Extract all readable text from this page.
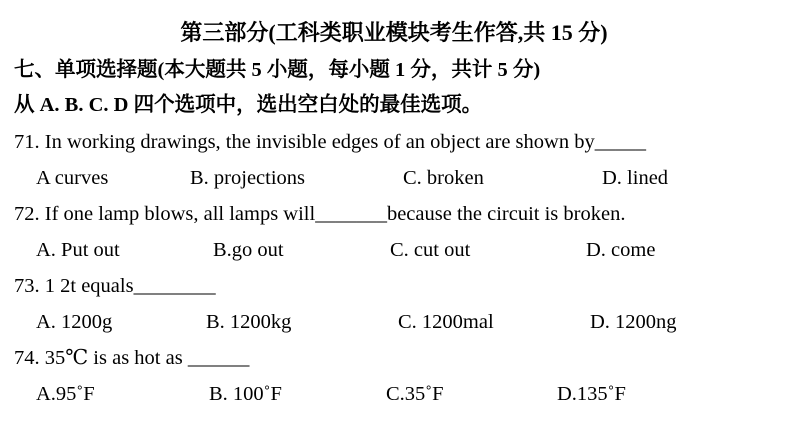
第三部分(工科类职业模块考生作答,共 15 分)
七、单项选择题(本大题共 5 小题，每小题 1 分，共计 5 分)
从 A. B. C. D 四个选项中，选出空白处的最佳选项。
71. In working drawings, the invisible edges of an object are shown by_____
A curves	B. projections	C. broken	D. lined
72. If one lamp blows, all lamps will_______because the circuit is broken.
A. Put out	B.go out	C. cut out	D. come
73. 1 2t equals________
A. 1200g	B. 1200kg	C. 1200mal	D. 1200ng
74. 35℃ is as hot as ______
A.95˚F	B. 100˚F	C.35˚F	D.135˚F
